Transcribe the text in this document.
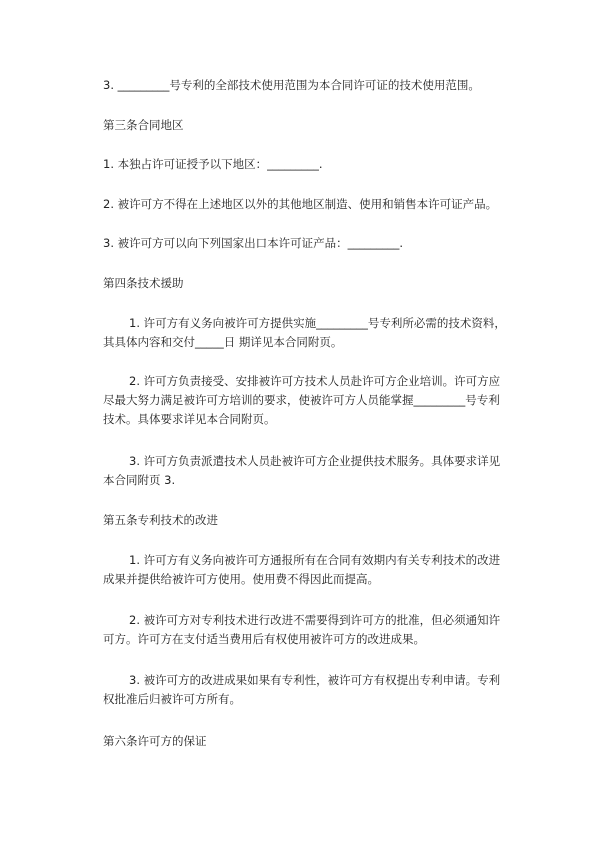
3. _________号专利的全部技术使用范围为本合同许可证的技术使用范围。

第三条合同地区

1. 本独占许可证授予以下地区：_________.

2. 被许可方不得在上述地区以外的其他地区制造、使用和销售本许可证产品。

3. 被许可方可以向下列国家出口本许可证产品：_________.

第四条技术援助

1. 许可方有义务向被许可方提供实施_________号专利所必需的技术资料，其具体内容和交付_____日 期详见本合同附页。

2. 许可方负责接受、安排被许可方技术人员赴许可方企业培训。许可方应尽最大努力满足被许可方培训的要求，使被许可方人员能掌握_________号专利技术。具体要求详见本合同附页。

3. 许可方负责派遣技术人员赴被许可方企业提供技术服务。具体要求详见本合同附页 3.

第五条专利技术的改进

1. 许可方有义务向被许可方通报所有在合同有效期内有关专利技术的改进成果并提供给被许可方使用。使用费不得因此而提高。

2. 被许可方对专利技术进行改进不需要得到许可方的批准，但必须通知许可方。许可方在支付适当费用后有权使用被许可方的改进成果。

3. 被许可方的改进成果如果有专利性，被许可方有权提出专利申请。专利权批准后归被许可方所有。

第六条许可方的保证
